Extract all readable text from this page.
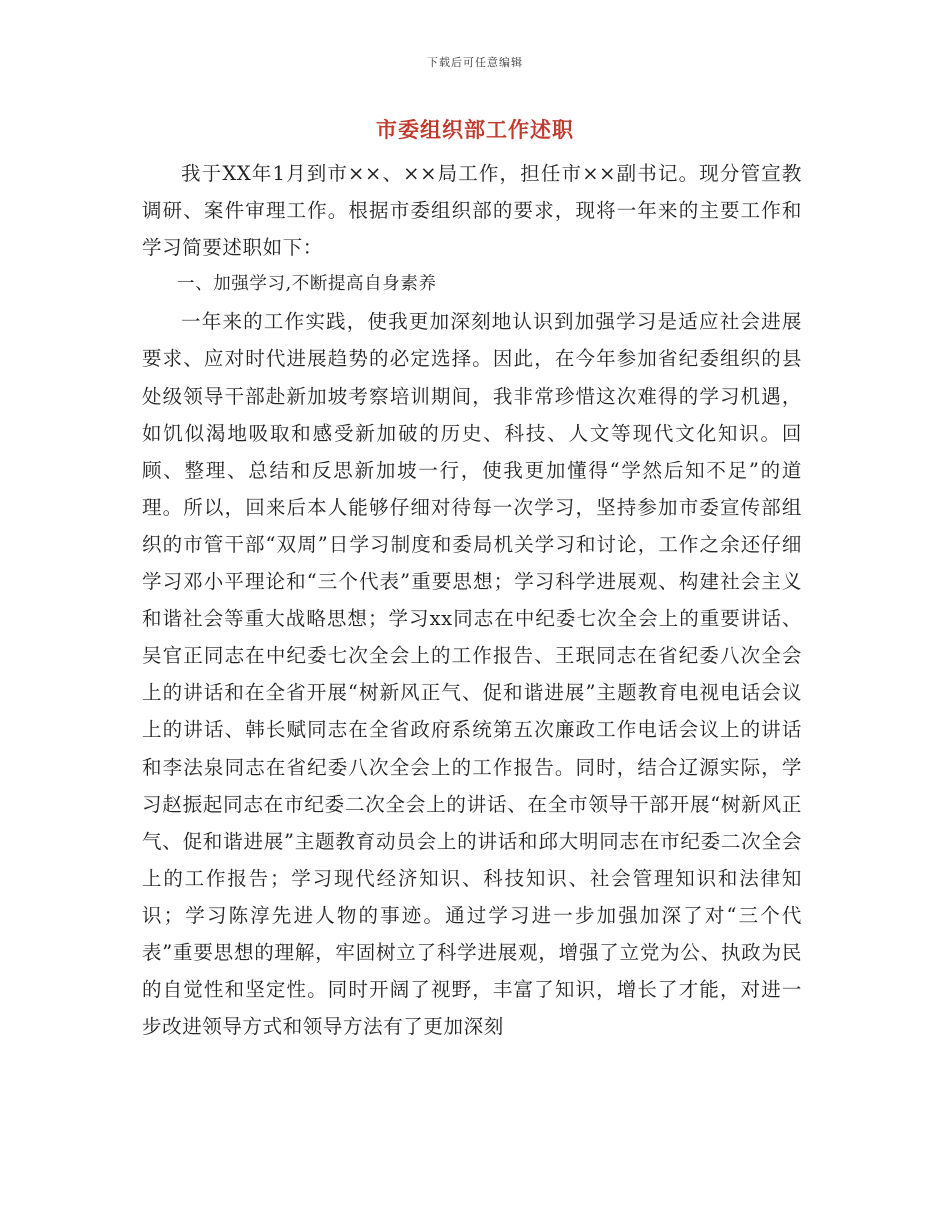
下载后可任意编辑
市委组织部工作述职

我于XX年1月到市××、××局工作，担任市××副书记。现分管宣教调研、案件审理工作。根据市委组织部的要求，现将一年来的主要工作和学习简要述职如下：

一、加强学习,不断提高自身素养

一年来的工作实践，使我更加深刻地认识到加强学习是适应社会进展要求、应对时代进展趋势的必定选择。因此，在今年参加省纪委组织的县处级领导干部赴新加坡考察培训期间，我非常珍惜这次难得的学习机遇，如饥似渴地吸取和感受新加破的历史、科技、人文等现代文化知识。回顾、整理、总结和反思新加坡一行，使我更加懂得“学然后知不足”的道理。所以，回来后本人能够仔细对待每一次学习，坚持参加市委宣传部组织的市管干部“双周”日学习制度和委局机关学习和讨论，工作之余还仔细学习邓小平理论和“三个代表”重要思想；学习科学进展观、构建社会主义和谐社会等重大战略思想；学习xx同志在中纪委七次全会上的重要讲话、吴官正同志在中纪委七次全会上的工作报告、王珉同志在省纪委八次全会上的讲话和在全省开展“树新风正气、促和谐进展”主题教育电视电话会议上的讲话、韩长赋同志在全省政府系统第五次廉政工作电话会议上的讲话和李法泉同志在省纪委八次全会上的工作报告。同时，结合辽源实际，学习赵振起同志在市纪委二次全会上的讲话、在全市领导干部开展“树新风正气、促和谐进展”主题教育动员会上的讲话和邱大明同志在市纪委二次全会上的工作报告；学习现代经济知识、科技知识、社会管理知识和法律知识；学习陈淳先进人物的事迹。通过学习进一步加强加深了对“三个代表”重要思想的理解，牢固树立了科学进展观，增强了立党为公、执政为民的自觉性和坚定性。同时开阔了视野，丰富了知识，增长了才能，对进一步改进领导方式和领导方法有了更加深刻
